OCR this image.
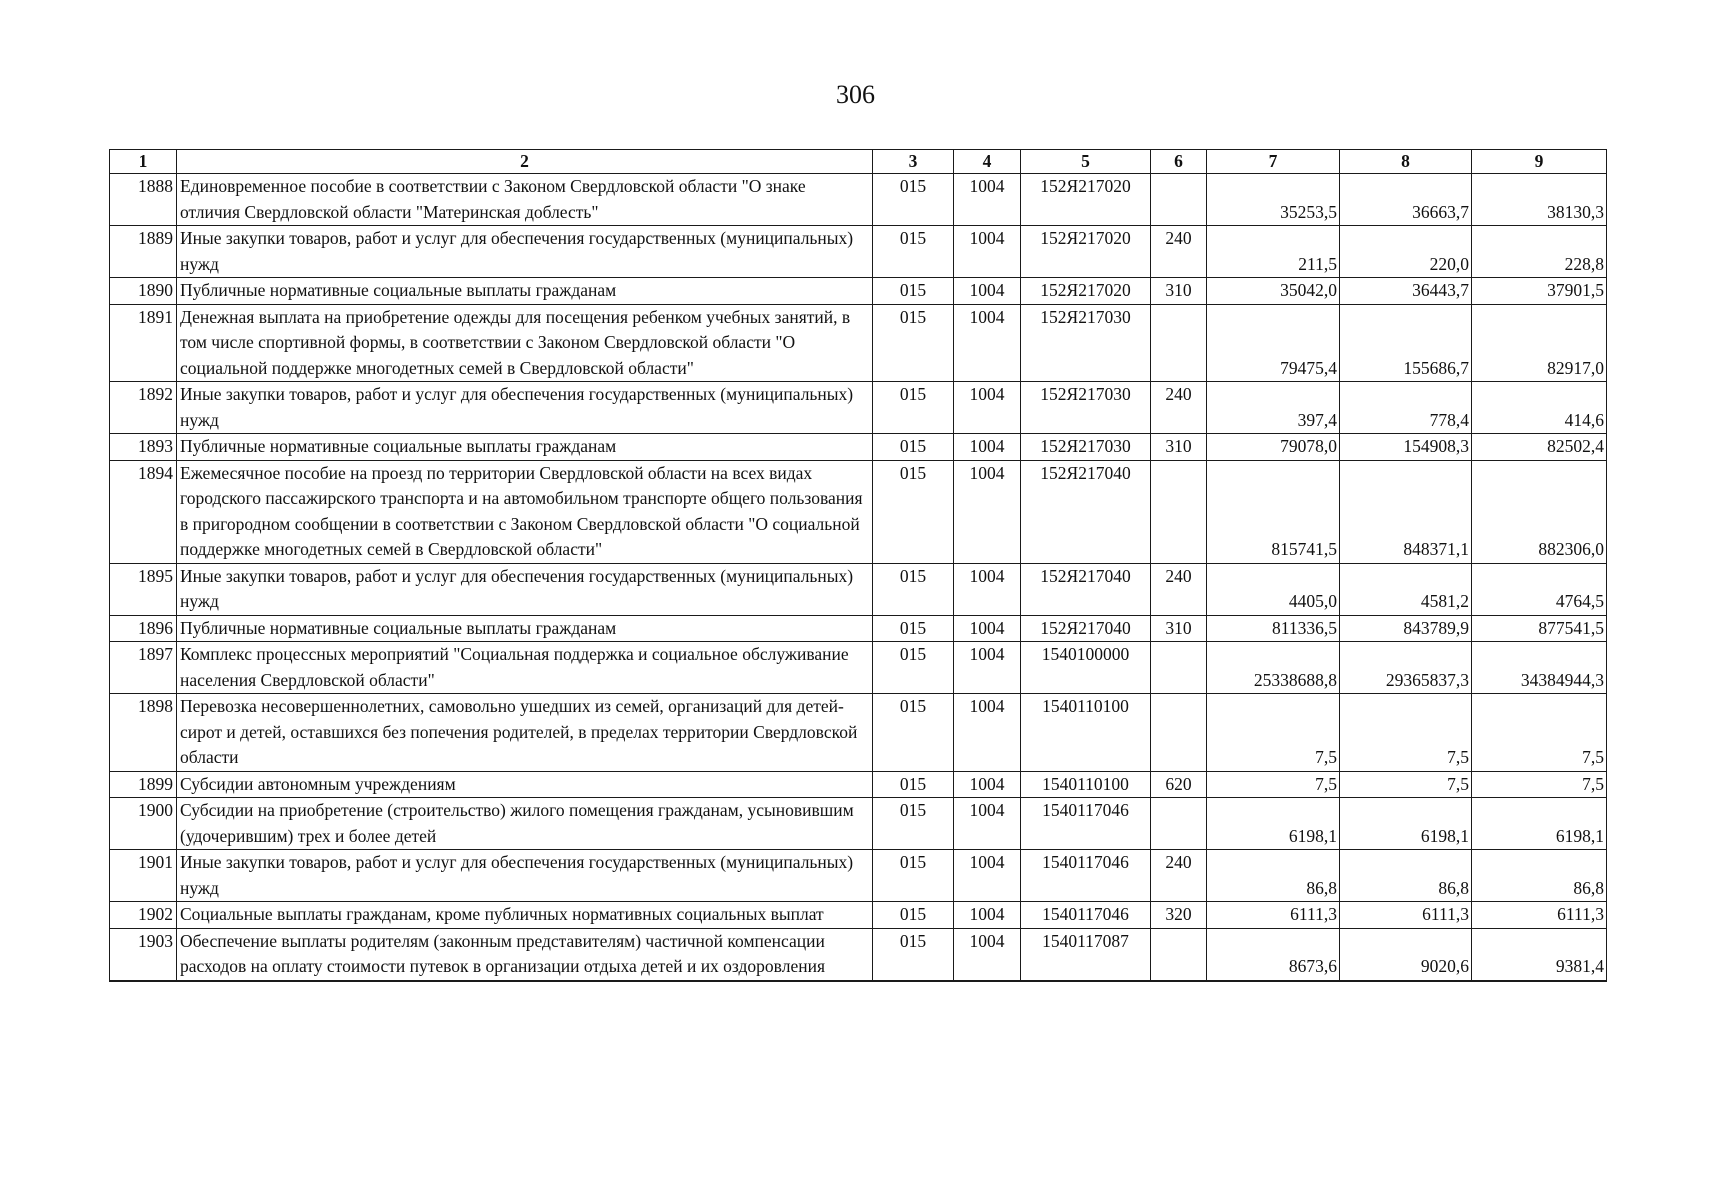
306
1	2	3	4	5	6	7	8	9
1888	Единовременное пособие в соответствии с Законом Свердловской области "О знаке отличия Свердловской области "Материнская доблесть"	015	1004	152Я217020		35253,5	36663,7	38130,3
1889	Иные закупки товаров, работ и услуг для обеспечения государственных (муниципальных) нужд	015	1004	152Я217020	240	211,5	220,0	228,8
1890	Публичные нормативные социальные выплаты гражданам	015	1004	152Я217020	310	35042,0	36443,7	37901,5
1891	Денежная выплата на приобретение одежды для посещения ребенком учебных занятий, в том числе спортивной формы, в соответствии с Законом Свердловской области "О социальной поддержке многодетных семей в Свердловской области"	015	1004	152Я217030		79475,4	155686,7	82917,0
1892	Иные закупки товаров, работ и услуг для обеспечения государственных (муниципальных) нужд	015	1004	152Я217030	240	397,4	778,4	414,6
1893	Публичные нормативные социальные выплаты гражданам	015	1004	152Я217030	310	79078,0	154908,3	82502,4
1894	Ежемесячное пособие на проезд по территории Свердловской области на всех видах городского пассажирского транспорта и на автомобильном транспорте общего пользования в пригородном сообщении в соответствии с Законом Свердловской области "О социальной поддержке многодетных семей в Свердловской области"	015	1004	152Я217040		815741,5	848371,1	882306,0
1895	Иные закупки товаров, работ и услуг для обеспечения государственных (муниципальных) нужд	015	1004	152Я217040	240	4405,0	4581,2	4764,5
1896	Публичные нормативные социальные выплаты гражданам	015	1004	152Я217040	310	811336,5	843789,9	877541,5
1897	Комплекс процессных мероприятий "Социальная поддержка и социальное обслуживание населения Свердловской области"	015	1004	1540100000		25338688,8	29365837,3	34384944,3
1898	Перевозка несовершеннолетних, самовольно ушедших из семей, организаций для детей-сирот и детей, оставшихся без попечения родителей, в пределах территории Свердловской области	015	1004	1540110100		7,5	7,5	7,5
1899	Субсидии автономным учреждениям	015	1004	1540110100	620	7,5	7,5	7,5
1900	Субсидии на приобретение (строительство) жилого помещения гражданам, усыновившим (удочерившим) трех и более детей	015	1004	1540117046		6198,1	6198,1	6198,1
1901	Иные закупки товаров, работ и услуг для обеспечения государственных (муниципальных) нужд	015	1004	1540117046	240	86,8	86,8	86,8
1902	Социальные выплаты гражданам, кроме публичных нормативных социальных выплат	015	1004	1540117046	320	6111,3	6111,3	6111,3
1903	Обеспечение выплаты родителям (законным представителям) частичной компенсации расходов на оплату стоимости путевок в организации отдыха детей и их оздоровления	015	1004	1540117087		8673,6	9020,6	9381,4
